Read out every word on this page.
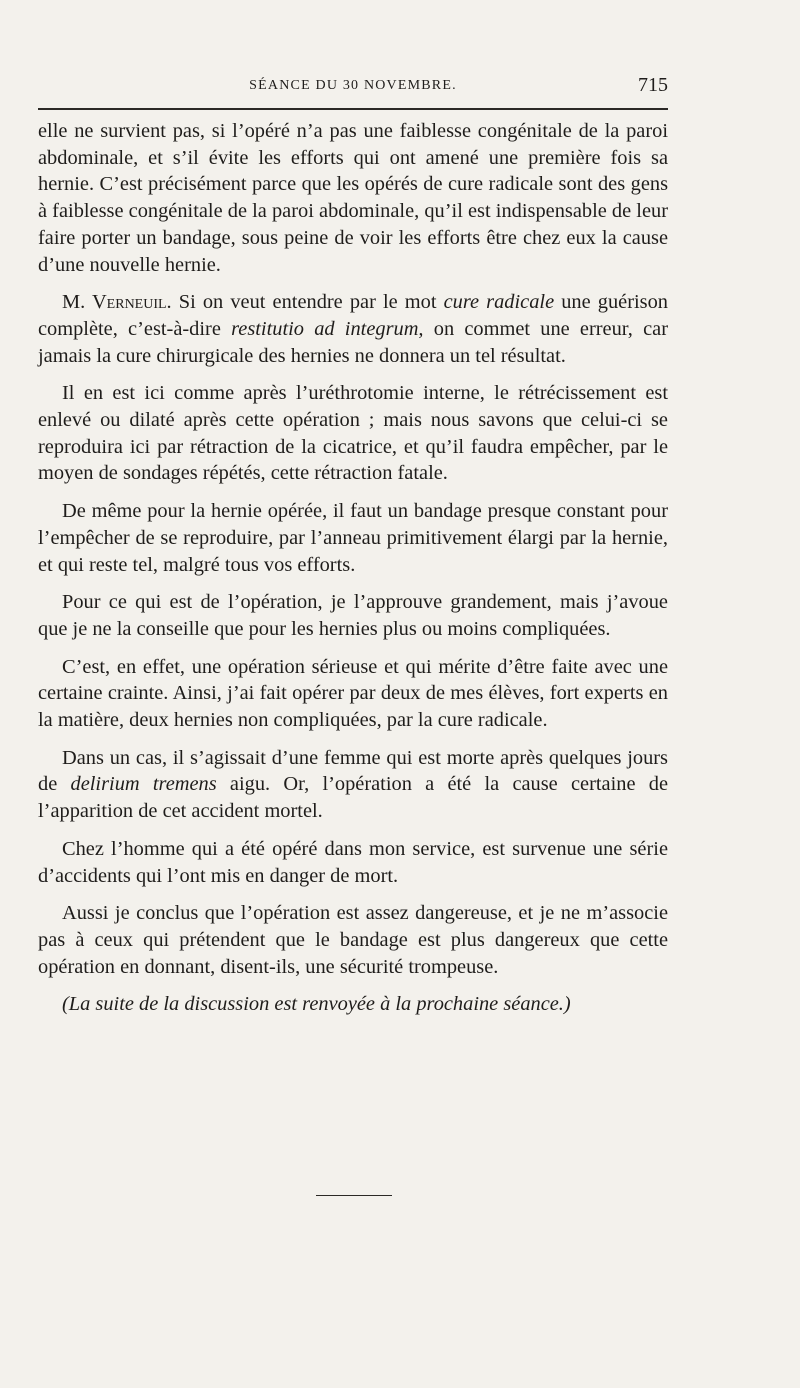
SÉANCE DU 30 NOVEMBRE.	715

elle ne survient pas, si l’opéré n’a pas une faiblesse congénitale de la paroi abdominale, et s’il évite les efforts qui ont amené une première fois sa hernie. C’est précisément parce que les opérés de cure radicale sont des gens à faiblesse congénitale de la paroi abdominale, qu’il est indispensable de leur faire porter un bandage, sous peine de voir les efforts être chez eux la cause d’une nouvelle hernie.

M. Verneuil. Si on veut entendre par le mot cure radicale une guérison complète, c’est-à-dire restitutio ad integrum, on commet une erreur, car jamais la cure chirurgicale des hernies ne donnera un tel résultat.

Il en est ici comme après l’uréthrotomie interne, le rétrécissement est enlevé ou dilaté après cette opération ; mais nous savons que celui-ci se reproduira ici par rétraction de la cicatrice, et qu’il faudra empêcher, par le moyen de sondages répétés, cette rétraction fatale.

De même pour la hernie opérée, il faut un bandage presque constant pour l’empêcher de se reproduire, par l’anneau primitivement élargi par la hernie, et qui reste tel, malgré tous vos efforts.

Pour ce qui est de l’opération, je l’approuve grandement, mais j’avoue que je ne la conseille que pour les hernies plus ou moins compliquées.

C’est, en effet, une opération sérieuse et qui mérite d’être faite avec une certaine crainte. Ainsi, j’ai fait opérer par deux de mes élèves, fort experts en la matière, deux hernies non compliquées, par la cure radicale.

Dans un cas, il s’agissait d’une femme qui est morte après quelques jours de delirium tremens aigu. Or, l’opération a été la cause certaine de l’apparition de cet accident mortel.

Chez l’homme qui a été opéré dans mon service, est survenue une série d’accidents qui l’ont mis en danger de mort.

Aussi je conclus que l’opération est assez dangereuse, et je ne m’associe pas à ceux qui prétendent que le bandage est plus dangereux que cette opération en donnant, disent-ils, une sécurité trompeuse.

(La suite de la discussion est renvoyée à la prochaine séance.)
